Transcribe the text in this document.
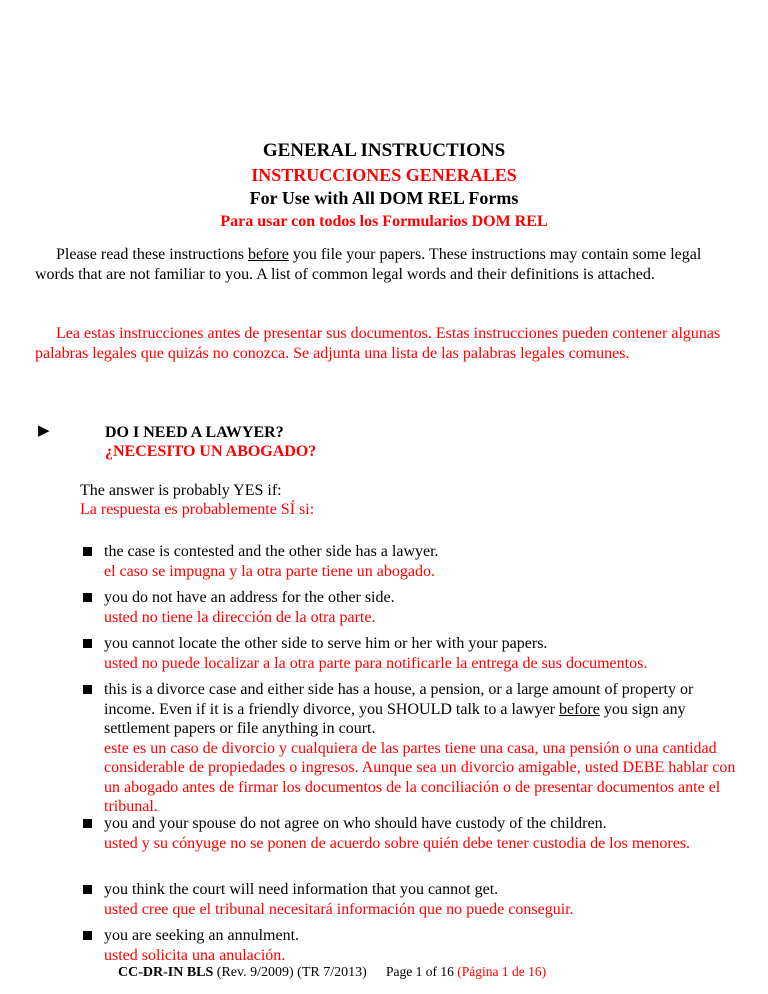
GENERAL INSTRUCTIONS
INSTRUCCIONES GENERALES
For Use with All DOM REL Forms
Para usar con todos los Formularios DOM REL
Please read these instructions before you file your papers. These instructions may contain some legal words that are not familiar to you. A list of common legal words and their definitions is attached.
Lea estas instrucciones antes de presentar sus documentos. Estas instrucciones pueden contener algunas palabras legales que quizás no conozca. Se adjunta una lista de las palabras legales comunes.
▶	DO I NEED A LAWYER?
¿NECESITO UN ABOGADO?
The answer is probably YES if:
La respuesta es probablemente SÍ si:
the case is contested and the other side has a lawyer.
el caso se impugna y la otra parte tiene un abogado.
you do not have an address for the other side.
usted no tiene la dirección de la otra parte.
you cannot locate the other side to serve him or her with your papers.
usted no puede localizar a la otra parte para notificarle la entrega de sus documentos.
this is a divorce case and either side has a house, a pension, or a large amount of property or income. Even if it is a friendly divorce, you SHOULD talk to a lawyer before you sign any settlement papers or file anything in court.
este es un caso de divorcio y cualquiera de las partes tiene una casa, una pensión o una cantidad considerable de propiedades o ingresos. Aunque sea un divorcio amigable, usted DEBE hablar con un abogado antes de firmar los documentos de la conciliación o de presentar documentos ante el tribunal.
you and your spouse do not agree on who should have custody of the children.
usted y su cónyuge no se ponen de acuerdo sobre quién debe tener custodia de los menores.
you think the court will need information that you cannot get.
usted cree que el tribunal necesitará información que no puede conseguir.
you are seeking an annulment.
usted solicita una anulación.
CC-DR-IN BLS (Rev. 9/2009) (TR 7/2013) Page 1 of 16 (Página 1 de 16)
